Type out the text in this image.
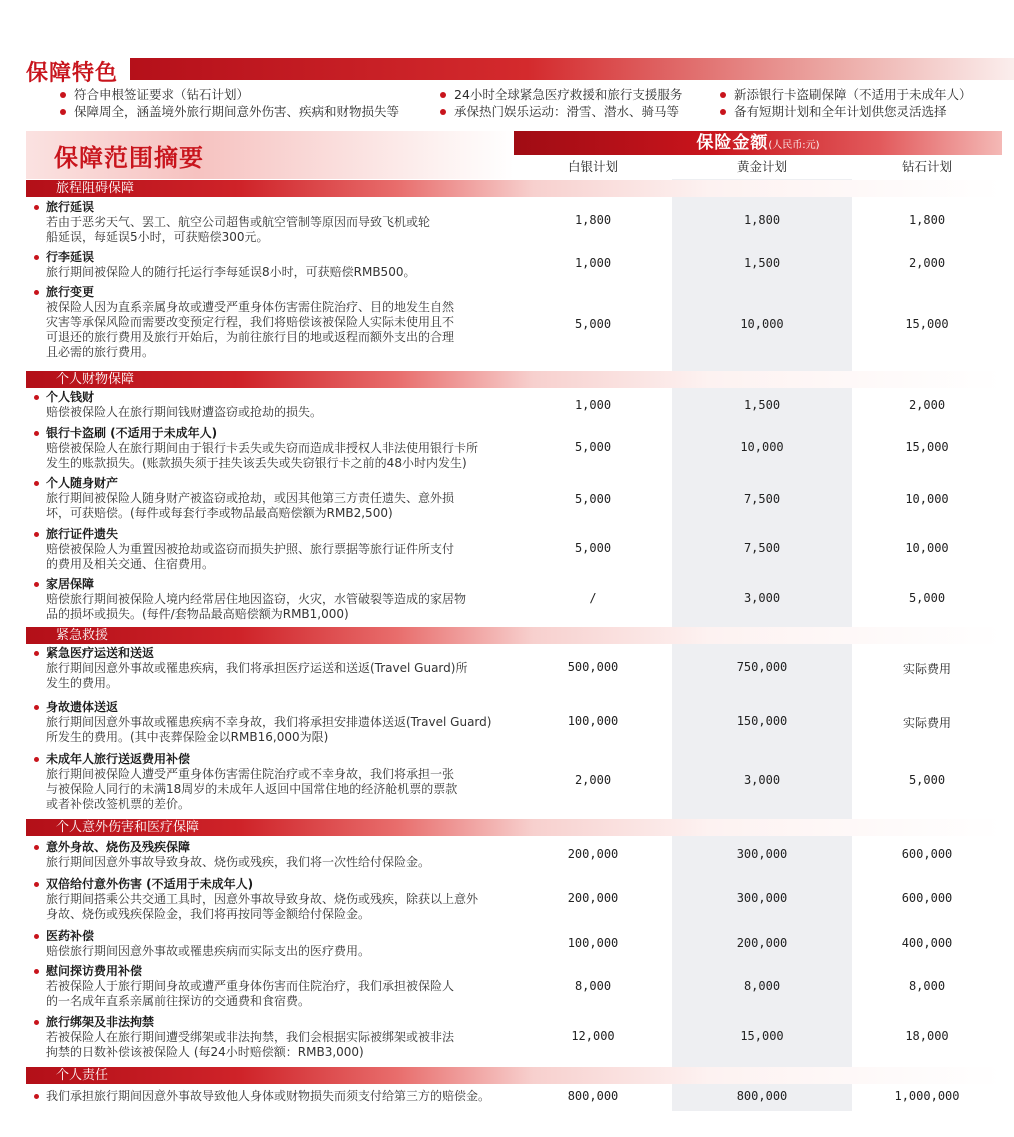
保障特色
符合申根签证要求（钻石计划）
保障周全，涵盖境外旅行期间意外伤害、疾病和财物损失等
24小时全球紧急医疗救援和旅行支援服务
承保热门娱乐运动：滑雪、潜水、骑马等
新添银行卡盗刷保障（不适用于未成年人）
备有短期计划和全年计划供您灵活选择
保障范围摘要
保险金额(人民币:元)
白银计划	黄金计划	钻石计划
旅程阻碍保障
旅行延误
若由于恶劣天气、罢工、航空公司超售或航空管制等原因而导致飞机或轮
船延误，每延误5小时，可获赔偿300元。
1,800	1,800	1,800
行李延误
旅行期间被保险人的随行托运行李每延误8小时，可获赔偿RMB500。
1,000	1,500	2,000
旅行变更
被保险人因为直系亲属身故或遭受严重身体伤害需住院治疗、目的地发生自然
灾害等承保风险而需要改变预定行程，我们将赔偿该被保险人实际未使用且不
可退还的旅行费用及旅行开始后，为前往旅行目的地或返程而额外支出的合理
且必需的旅行费用。
5,000	10,000	15,000
个人财物保障
个人钱财
赔偿被保险人在旅行期间钱财遭盗窃或抢劫的损失。	1,000	1,500	2,000
银行卡盗刷 (不适用于未成年人)
赔偿被保险人在旅行期间由于银行卡丢失或失窃而造成非授权人非法使用银行卡所
发生的账款损失。(账款损失须于挂失该丢失或失窃银行卡之前的48小时内发生)
5,000	10,000	15,000
个人随身财产
旅行期间被保险人随身财产被盗窃或抢劫，或因其他第三方责任遗失、意外损
坏，可获赔偿。(每件或每套行李或物品最高赔偿额为RMB2,500)
5,000	7,500	10,000
旅行证件遗失
赔偿被保险人为重置因被抢劫或盗窃而损失护照、旅行票据等旅行证件所支付
的费用及相关交通、住宿费用。
5,000	7,500	10,000
家居保障
赔偿旅行期间被保险人境内经常居住地因盗窃，火灾，水管破裂等造成的家居物
品的损坏或损失。(每件/套物品最高赔偿额为RMB1,000)
/	3,000	5,000
紧急救援
紧急医疗运送和送返
旅行期间因意外事故或罹患疾病，我们将承担医疗运送和送返(Travel Guard)所
发生的费用。
500,000	750,000	实际费用
身故遗体送返
旅行期间因意外事故或罹患疾病不幸身故，我们将承担安排遗体送返(Travel Guard)
所发生的费用。(其中丧葬保险金以RMB16,000为限)
100,000	150,000	实际费用
未成年人旅行送返费用补偿
旅行期间被保险人遭受严重身体伤害需住院治疗或不幸身故，我们将承担一张
与被保险人同行的未满18周岁的未成年人返回中国常住地的经济舱机票的票款
或者补偿改签机票的差价。
2,000	3,000	5,000
个人意外伤害和医疗保障
意外身故、烧伤及残疾保障
旅行期间因意外事故导致身故、烧伤或残疾，我们将一次性给付保险金。
200,000	300,000	600,000
双倍给付意外伤害 (不适用于未成年人)
旅行期间搭乘公共交通工具时，因意外事故导致身故、烧伤或残疾，除获以上意外
身故、烧伤或残疾保险金，我们将再按同等金额给付保险金。
200,000	300,000	600,000
医药补偿
赔偿旅行期间因意外事故或罹患疾病而实际支出的医疗费用。
100,000	200,000	400,000
慰问探访费用补偿
若被保险人于旅行期间身故或遭严重身体伤害而住院治疗，我们承担被保险人
的一名成年直系亲属前往探访的交通费和食宿费。
8,000	8,000	8,000
旅行绑架及非法拘禁
若被保险人在旅行期间遭受绑架或非法拘禁，我们会根据实际被绑架或被非法
拘禁的日数补偿该被保险人 (每24小时赔偿额：RMB3,000)
12,000	15,000	18,000
个人责任
我们承担旅行期间因意外事故导致他人身体或财物损失而须支付给第三方的赔偿金。	800,000	800,000	1,000,000
